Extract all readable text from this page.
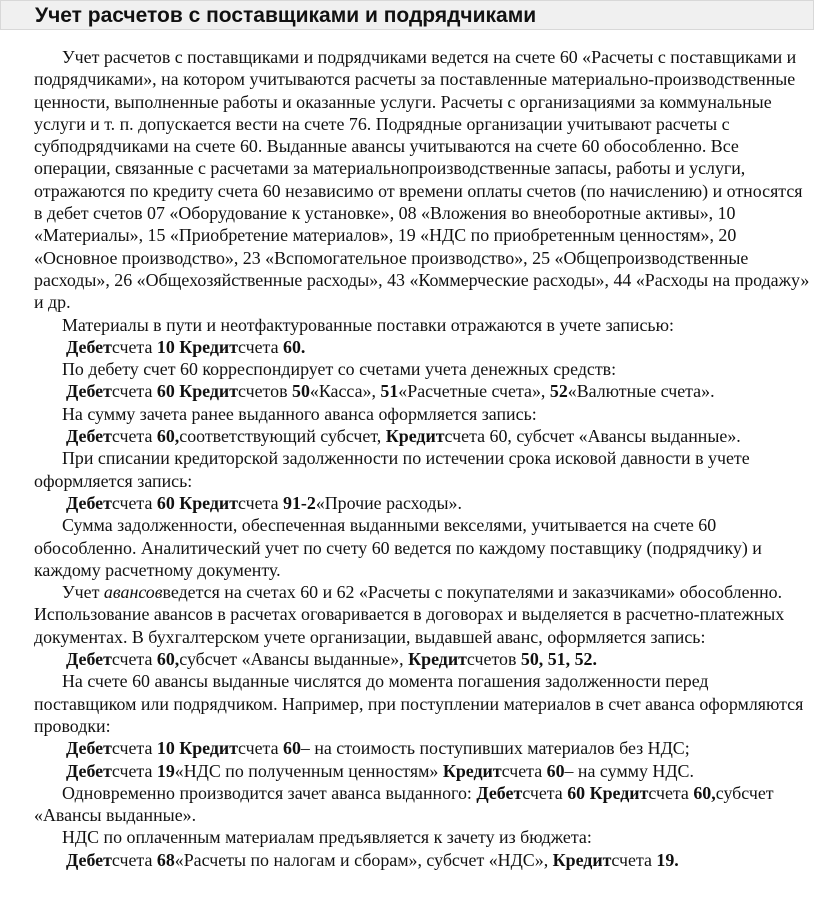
Учет расчетов с поставщиками и подрядчиками

Учет расчетов с поставщиками и подрядчиками ведется на счете 60 «Расчеты с поставщиками и подрядчиками», на котором учитываются расчеты за поставленные материально-производственные ценности, выполненные работы и оказанные услуги. Расчеты с организациями за коммунальные услуги и т. п. допускается вести на счете 76. Подрядные организации учитывают расчеты с субподрядчиками на счете 60. Выданные авансы учитываются на счете 60 обособленно. Все операции, связанные с расчетами за материальнопроизводственные запасы, работы и услуги, отражаются по кредиту счета 60 независимо от времени оплаты счетов (по начислению) и относятся в дебет счетов 07 «Оборудование к установке», 08 «Вложения во внеоборотные активы», 10 «Материалы», 15 «Приобретение материалов», 19 «НДС по приобретенным ценностям», 20 «Основное производство», 23 «Вспомогательное производство», 25 «Общепроизводственные расходы», 26 «Общехозяйственные расходы», 43 «Коммерческие расходы», 44 «Расходы на продажу» и др.

Материалы в пути и неотфактурованные поставки отражаются в учете записью:

Дебетсчета 10 Кредитсчета 60.

По дебету счет 60 корреспондирует со счетами учета денежных средств:

Дебетсчета 60 Кредитсчетов 50«Касса», 51«Расчетные счета», 52«Валютные счета».

На сумму зачета ранее выданного аванса оформляется запись:

Дебетсчета 60,соответствующий субсчет, Кредитсчета 60, субсчет «Авансы выданные».

При списании кредиторской задолженности по истечении срока исковой давности в учете оформляется запись:

Дебетсчета 60 Кредитсчета 91-2«Прочие расходы».

Сумма задолженности, обеспеченная выданными векселями, учитывается на счете 60 обособленно. Аналитический учет по счету 60 ведется по каждому поставщику (подрядчику) и каждому расчетному документу.

Учет авансовведется на счетах 60 и 62 «Расчеты с покупателями и заказчиками» обособленно. Использование авансов в расчетах оговаривается в договорах и выделяется в расчетно-платежных документах. В бухгалтерском учете организации, выдавшей аванс, оформляется запись:

Дебетсчета 60,субсчет «Авансы выданные», Кредитсчетов 50, 51, 52.

На счете 60 авансы выданные числятся до момента погашения задолженности перед поставщиком или подрядчиком. Например, при поступлении материалов в счет аванса оформляются проводки:

Дебетсчета 10 Кредитсчета 60– на стоимость поступивших материалов без НДС;

Дебетсчета 19«НДС по полученным ценностям» Кредитсчета 60– на сумму НДС.

Одновременно производится зачет аванса выданного: Дебетсчета 60 Кредитсчета 60,субсчет «Авансы выданные».

НДС по оплаченным материалам предъявляется к зачету из бюджета:

Дебетсчета 68«Расчеты по налогам и сборам», субсчет «НДС», Кредитсчета 19.
